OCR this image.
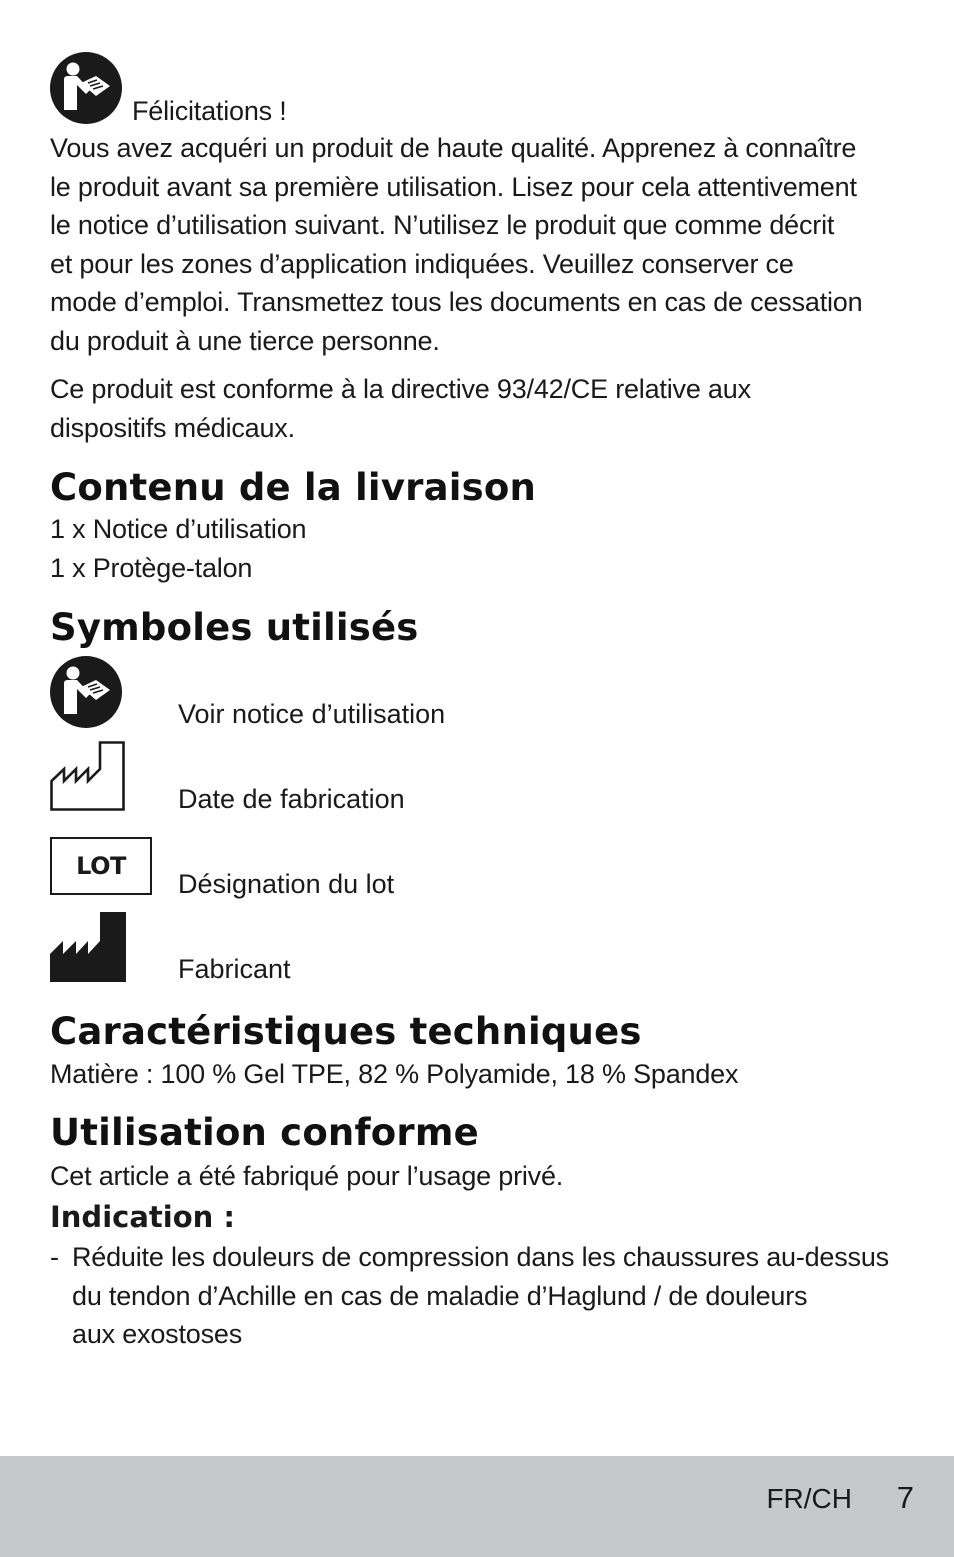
Félicitations !
Vous avez acquéri un produit de haute qualité. Apprenez à connaître
le produit avant sa première utilisation. Lisez pour cela attentivement
le notice d’utilisation suivant. N’utilisez le produit que comme décrit
et pour les zones d’application indiquées. Veuillez conserver ce
mode d’emploi. Transmettez tous les documents en cas de cessation
du produit à une tierce personne.
Ce produit est conforme à la directive 93/42/CE relative aux
dispositifs médicaux.
Contenu de la livraison
1 x Notice d’utilisation
1 x Protège-talon
Symboles utilisés
Voir notice d’utilisation
Date de fabrication
LOT
Désignation du lot
Fabricant
Caractéristiques techniques
Matière : 100 % Gel TPE, 82 % Polyamide, 18 % Spandex
Utilisation conforme
Cet article a été fabriqué pour l’usage privé.
Indication :
- Réduite les douleurs de compression dans les chaussures au-dessus
du tendon d’Achille en cas de maladie d’Haglund / de douleurs
aux exostoses
FR/CH 7
